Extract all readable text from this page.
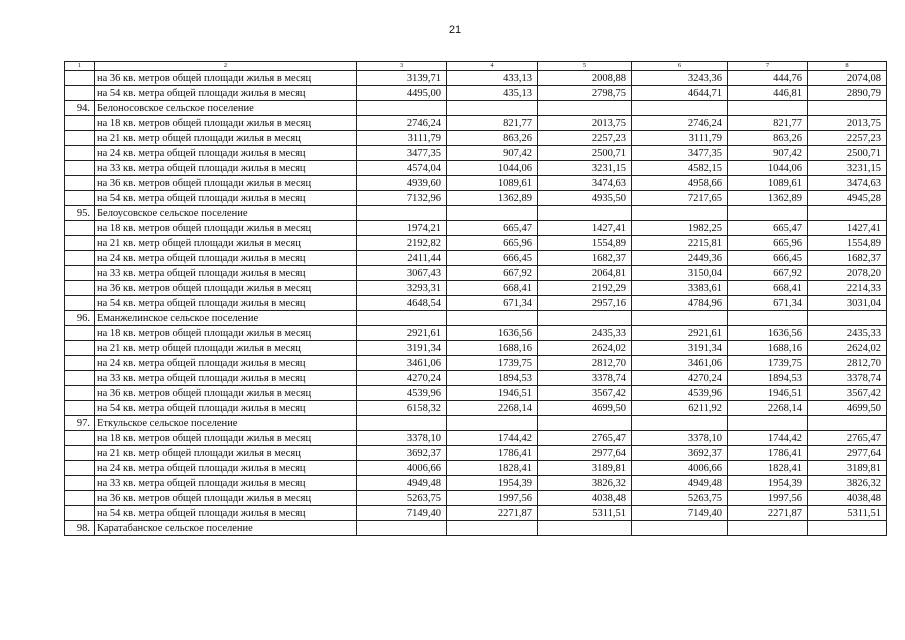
21
1	2	3	4	5	6	7	8
	на 36 кв. метров общей площади жилья в месяц	3139,71	433,13	2008,88	3243,36	444,76	2074,08
	на 54 кв. метра общей площади жилья в месяц	4495,00	435,13	2798,75	4644,71	446,81	2890,79
94.	Белоносовское сельское поселение						
	на 18 кв. метров общей площади жилья в месяц	2746,24	821,77	2013,75	2746,24	821,77	2013,75
	на 21 кв. метр общей площади жилья в месяц	3111,79	863,26	2257,23	3111,79	863,26	2257,23
	на 24 кв. метра общей площади жилья в месяц	3477,35	907,42	2500,71	3477,35	907,42	2500,71
	на 33 кв. метра общей площади жилья в месяц	4574,04	1044,06	3231,15	4582,15	1044,06	3231,15
	на 36 кв. метров общей площади жилья в месяц	4939,60	1089,61	3474,63	4958,66	1089,61	3474,63
	на 54 кв. метра общей площади жилья в месяц	7132,96	1362,89	4935,50	7217,65	1362,89	4945,28
95.	Белоусовское сельское поселение						
	на 18 кв. метров общей площади жилья в месяц	1974,21	665,47	1427,41	1982,25	665,47	1427,41
	на 21 кв. метр общей площади жилья в месяц	2192,82	665,96	1554,89	2215,81	665,96	1554,89
	на 24 кв. метра общей площади жилья в месяц	2411,44	666,45	1682,37	2449,36	666,45	1682,37
	на 33 кв. метра общей площади жилья в месяц	3067,43	667,92	2064,81	3150,04	667,92	2078,20
	на 36 кв. метров общей площади жилья в месяц	3293,31	668,41	2192,29	3383,61	668,41	2214,33
	на 54 кв. метра общей площади жилья в месяц	4648,54	671,34	2957,16	4784,96	671,34	3031,04
96.	Еманжелинское сельское поселение						
	на 18 кв. метров общей площади жилья в месяц	2921,61	1636,56	2435,33	2921,61	1636,56	2435,33
	на 21 кв. метр общей площади жилья в месяц	3191,34	1688,16	2624,02	3191,34	1688,16	2624,02
	на 24 кв. метра общей площади жилья в месяц	3461,06	1739,75	2812,70	3461,06	1739,75	2812,70
	на 33 кв. метра общей площади жилья в месяц	4270,24	1894,53	3378,74	4270,24	1894,53	3378,74
	на 36 кв. метров общей площади жилья в месяц	4539,96	1946,51	3567,42	4539,96	1946,51	3567,42
	на 54 кв. метра общей площади жилья в месяц	6158,32	2268,14	4699,50	6211,92	2268,14	4699,50
97.	Еткульское сельское поселение						
	на 18 кв. метров общей площади жилья в месяц	3378,10	1744,42	2765,47	3378,10	1744,42	2765,47
	на 21 кв. метр общей площади жилья в месяц	3692,37	1786,41	2977,64	3692,37	1786,41	2977,64
	на 24 кв. метра общей площади жилья в месяц	4006,66	1828,41	3189,81	4006,66	1828,41	3189,81
	на 33 кв. метра общей площади жилья в месяц	4949,48	1954,39	3826,32	4949,48	1954,39	3826,32
	на 36 кв. метров общей площади жилья в месяц	5263,75	1997,56	4038,48	5263,75	1997,56	4038,48
	на 54 кв. метра общей площади жилья в месяц	7149,40	2271,87	5311,51	7149,40	2271,87	5311,51
98.	Каратабанское сельское поселение						
